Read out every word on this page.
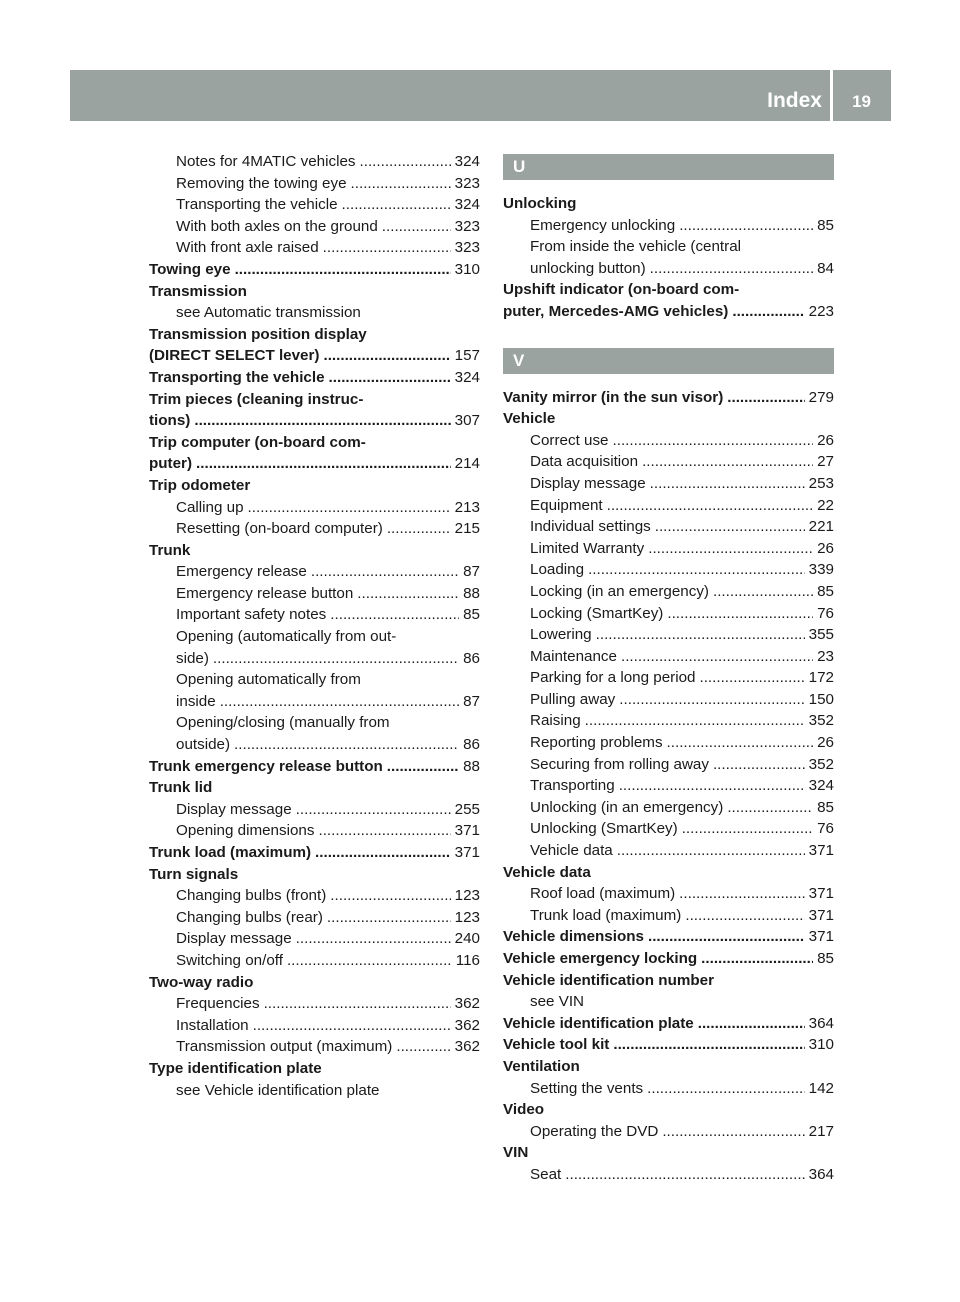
Index 19
Notes for 4MATIC vehicles .....	324
Removing the towing eye .....	323
Transporting the vehicle .....	324
With both axles on the ground .....	323
With front axle raised .....	323
Towing eye .....	310
Transmission
see Automatic transmission
Transmission position display
(DIRECT SELECT lever) .....	157
Transporting the vehicle .....	324
Trim pieces (cleaning instruc-
tions) .....	307
Trip computer (on-board com-
puter) .....	214
Trip odometer
Calling up .....	213
Resetting (on-board computer) .....	215
Trunk
Emergency release .....	87
Emergency release button .....	88
Important safety notes .....	85
Opening (automatically from out-
side) .....	86
Opening automatically from
inside .....	87
Opening/closing (manually from
outside) .....	86
Trunk emergency release button .....	88
Trunk lid
Display message .....	255
Opening dimensions .....	371
Trunk load (maximum) .....	371
Turn signals
Changing bulbs (front) .....	123
Changing bulbs (rear) .....	123
Display message .....	240
Switching on/off .....	116
Two-way radio
Frequencies .....	362
Installation .....	362
Transmission output (maximum) .....	362
Type identification plate
see Vehicle identification plate
U
Unlocking
Emergency unlocking .....	85
From inside the vehicle (central
unlocking button) .....	84
Upshift indicator (on-board com-
puter, Mercedes-AMG vehicles) .....	223
V
Vanity mirror (in the sun visor) .....	279
Vehicle
Correct use .....	26
Data acquisition .....	27
Display message .....	253
Equipment .....	22
Individual settings .....	221
Limited Warranty .....	26
Loading .....	339
Locking (in an emergency) .....	85
Locking (SmartKey) .....	76
Lowering .....	355
Maintenance .....	23
Parking for a long period .....	172
Pulling away .....	150
Raising .....	352
Reporting problems .....	26
Securing from rolling away .....	352
Transporting .....	324
Unlocking (in an emergency) .....	85
Unlocking (SmartKey) .....	76
Vehicle data .....	371
Vehicle data
Roof load (maximum) .....	371
Trunk load (maximum) .....	371
Vehicle dimensions .....	371
Vehicle emergency locking .....	85
Vehicle identification number
see VIN
Vehicle identification plate .....	364
Vehicle tool kit .....	310
Ventilation
Setting the vents .....	142
Video
Operating the DVD .....	217
VIN
Seat .....	364
